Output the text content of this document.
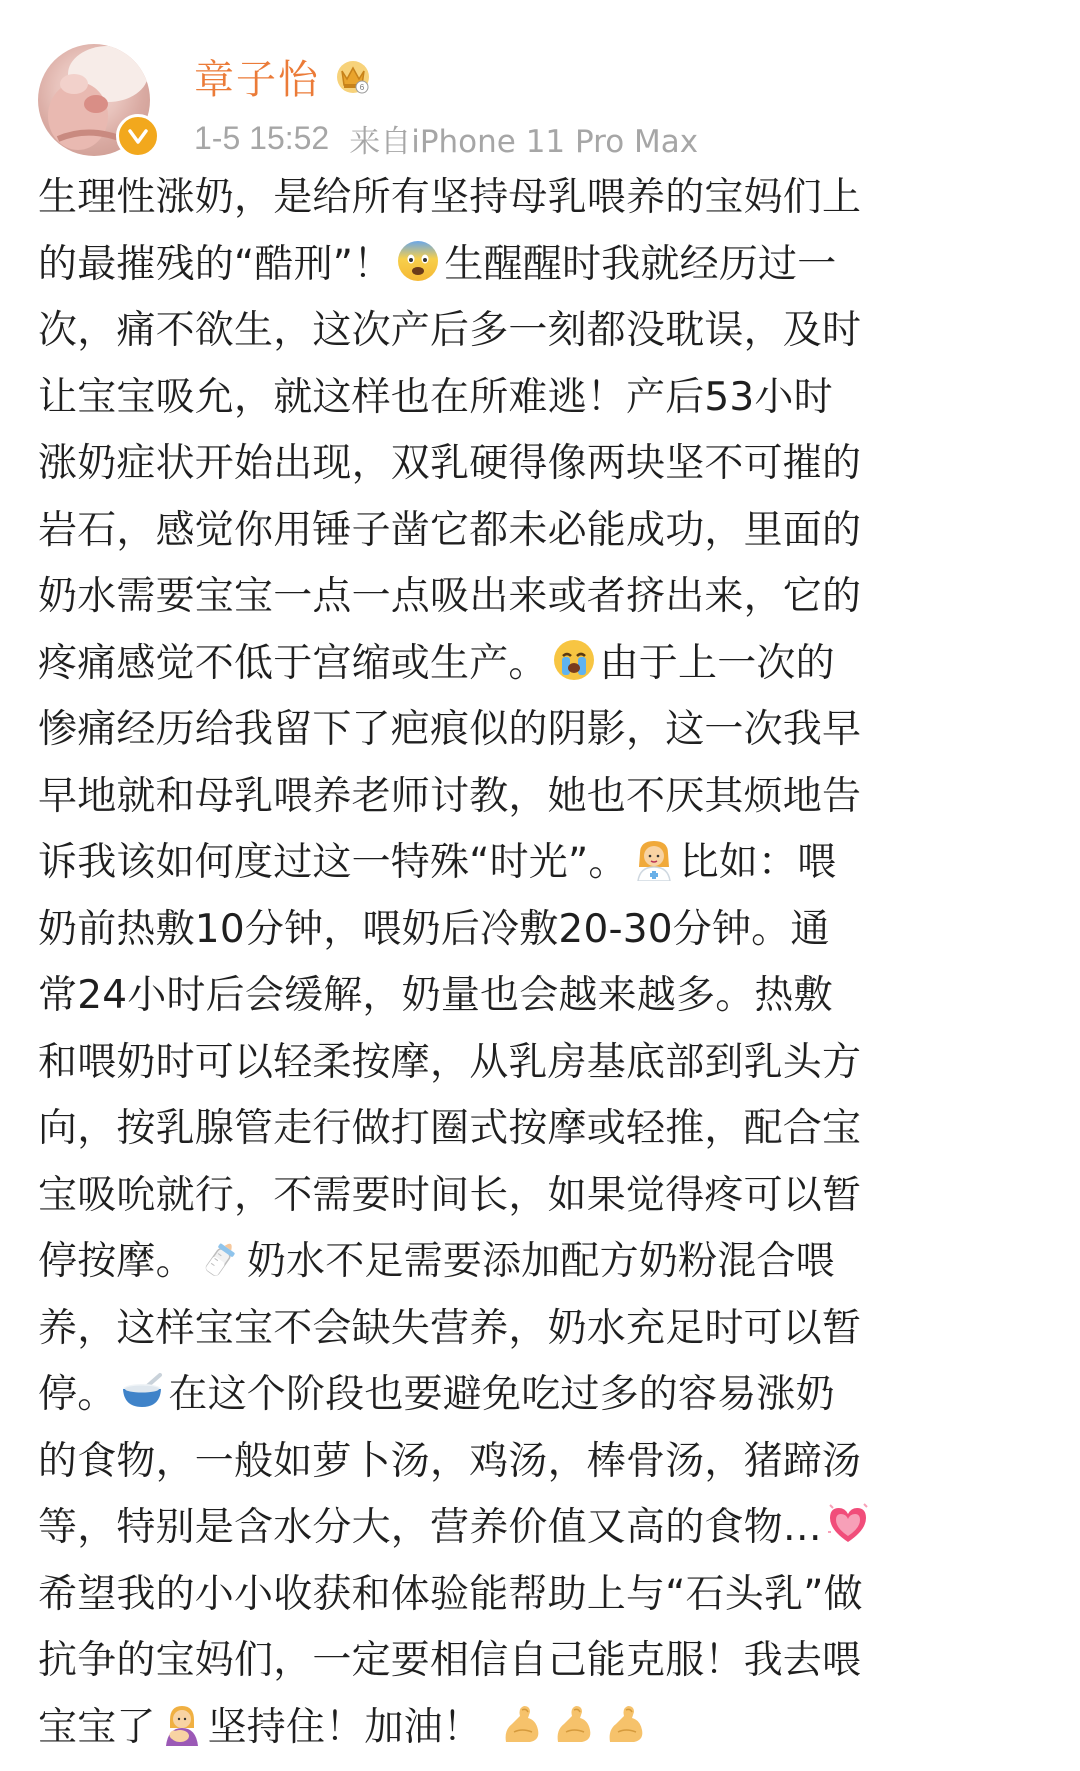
章子怡	6
1-5 15:52 来自iPhone 11 Pro Max
生理性涨奶，是给所有坚持母乳喂养的宝妈们上
的最摧残的“酷刑”！ 生醒醒时我就经历过一
次，痛不欲生，这次产后多一刻都没耽误，及时
让宝宝吸允，就这样也在所难逃！产后53小时
涨奶症状开始出现，双乳硬得像两块坚不可摧的
岩石，感觉你用锤子凿它都未必能成功，里面的
奶水需要宝宝一点一点吸出来或者挤出来，它的
疼痛感觉不低于宫缩或生产。 由于上一次的
惨痛经历给我留下了疤痕似的阴影，这一次我早
早地就和母乳喂养老师讨教，她也不厌其烦地告
诉我该如何度过这一特殊“时光”。 比如：喂
奶前热敷10分钟，喂奶后冷敷20-30分钟。通
常24小时后会缓解，奶量也会越来越多。热敷
和喂奶时可以轻柔按摩，从乳房基底部到乳头方
向，按乳腺管走行做打圈式按摩或轻推，配合宝
宝吸吮就行，不需要时间长，如果觉得疼可以暂
停按摩。 奶水不足需要添加配方奶粉混合喂
养，这样宝宝不会缺失营养，奶水充足时可以暂
停。 在这个阶段也要避免吃过多的容易涨奶
的食物，一般如萝卜汤，鸡汤，棒骨汤，猪蹄汤
等，特别是含水分大，营养价值又高的食物…
希望我的小小收获和体验能帮助上与“石头乳”做
抗争的宝妈们，一定要相信自己能克服！我去喂
宝宝了 坚持住！加油！
